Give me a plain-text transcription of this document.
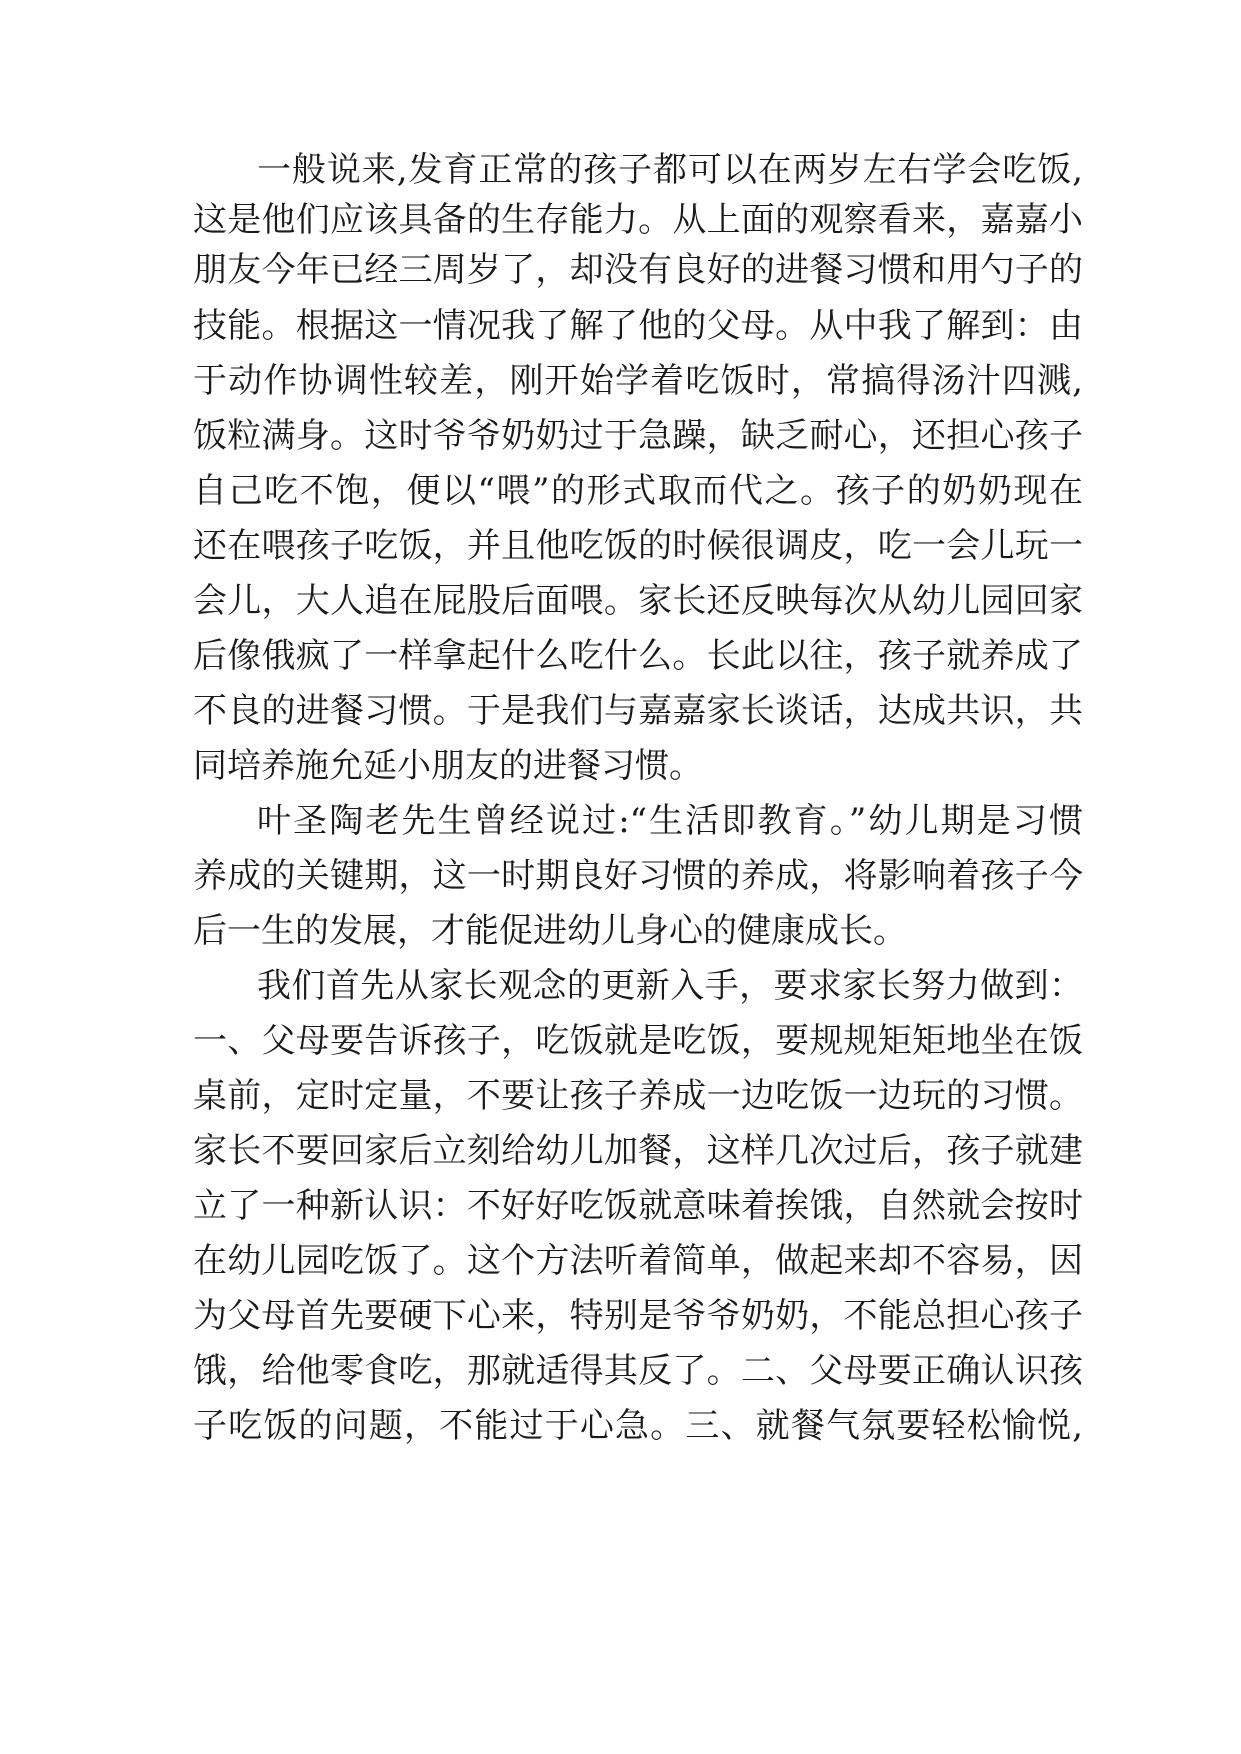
一般说来,发育正常的孩子都可以在两岁左右学会吃饭,
这是他们应该具备的生存能力。从上面的观察看来，嘉嘉小
朋友今年已经三周岁了，却没有良好的进餐习惯和用勺子的
技能。根据这一情况我了解了他的父母。从中我了解到：由
于动作协调性较差，刚开始学着吃饭时，常搞得汤汁四溅,
饭粒满身。这时爷爷奶奶过于急躁，缺乏耐心，还担心孩子
自己吃不饱，便以“喂”的形式取而代之。孩子的奶奶现在
还在喂孩子吃饭，并且他吃饭的时候很调皮，吃一会儿玩一
会儿，大人追在屁股后面喂。家长还反映每次从幼儿园回家
后像俄疯了一样拿起什么吃什么。长此以往，孩子就养成了
不良的进餐习惯。于是我们与嘉嘉家长谈话，达成共识，共
同培养施允延小朋友的进餐习惯。
叶圣陶老先生曾经说过:“生活即教育。”幼儿期是习惯
养成的关键期，这一时期良好习惯的养成，将影响着孩子今
后一生的发展，才能促进幼儿身心的健康成长。
我们首先从家长观念的更新入手，要求家长努力做到：
一、父母要告诉孩子，吃饭就是吃饭，要规规矩矩地坐在饭
桌前，定时定量，不要让孩子养成一边吃饭一边玩的习惯。
家长不要回家后立刻给幼儿加餐，这样几次过后，孩子就建
立了一种新认识：不好好吃饭就意味着挨饿，自然就会按时
在幼儿园吃饭了。这个方法听着简单，做起来却不容易，因
为父母首先要硬下心来，特别是爷爷奶奶，不能总担心孩子
饿，给他零食吃，那就适得其反了。二、父母要正确认识孩
子吃饭的问题，不能过于心急。三、就餐气氛要轻松愉悦,
